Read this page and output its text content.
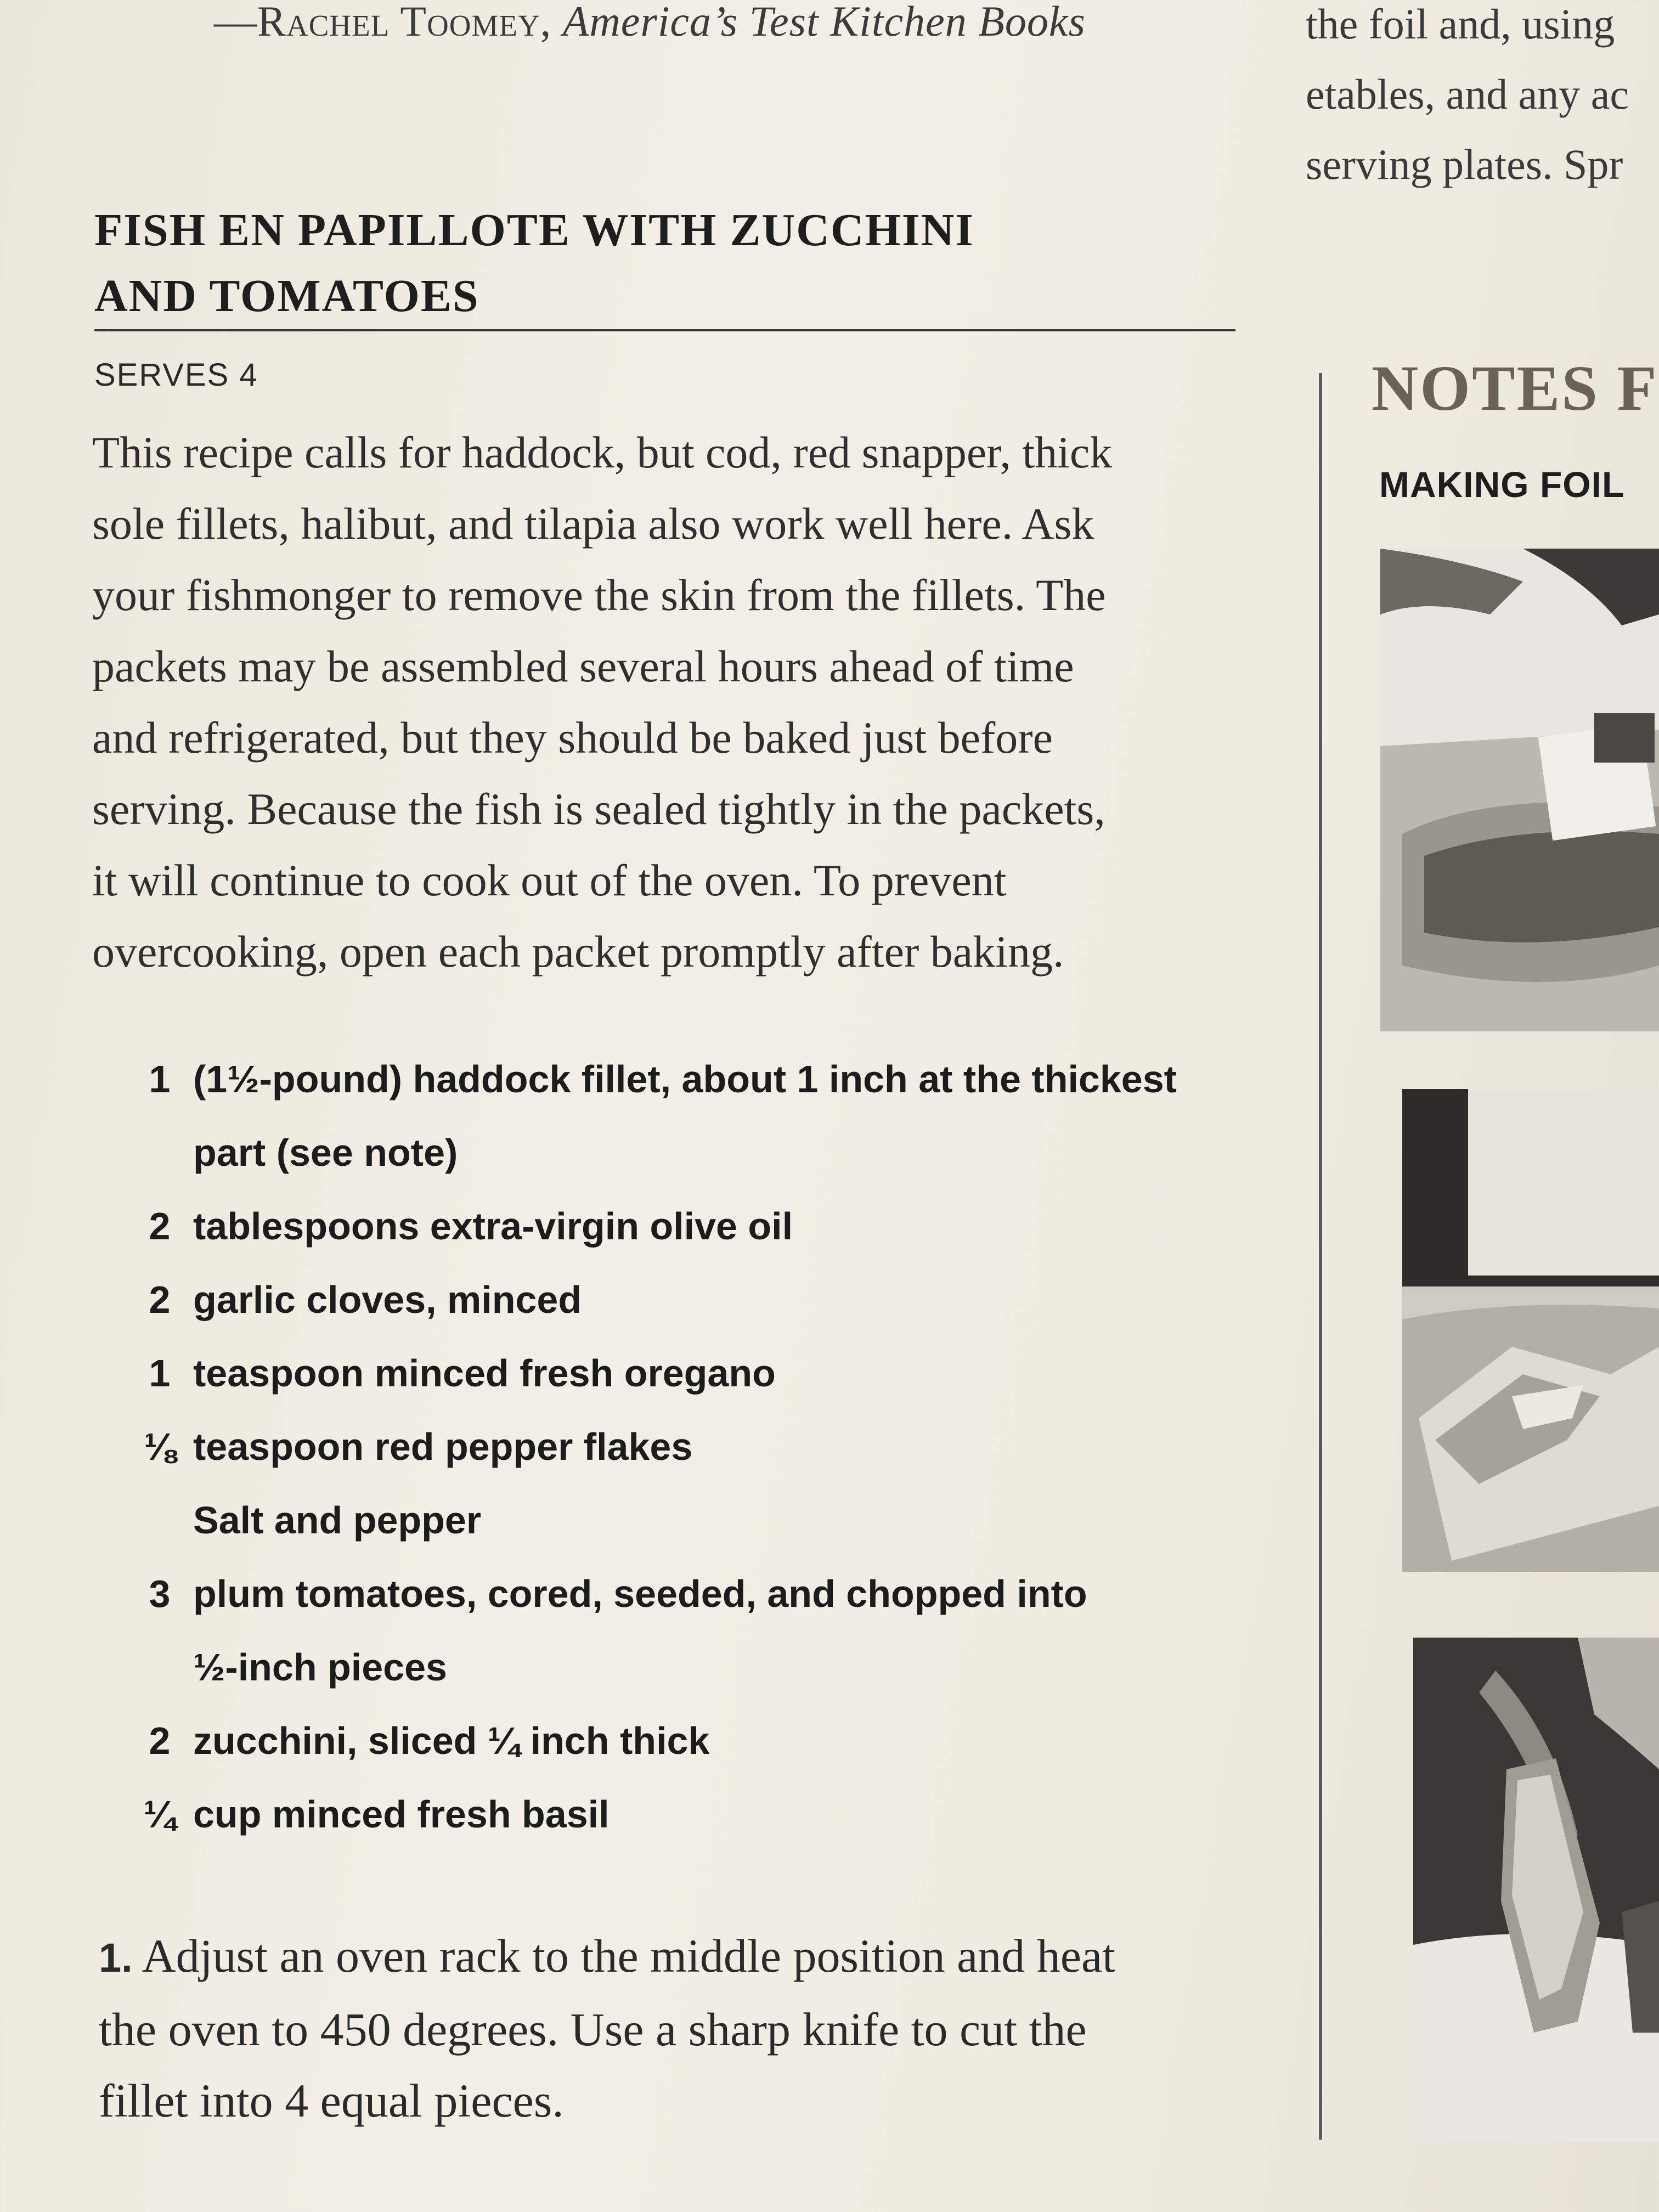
—Rachel Toomey, America’s Test Kitchen Books	the foil and, using
etables, and any ac
serving plates. Spr
FISH EN PAPILLOTE WITH ZUCCHINI
AND TOMATOES
SERVES 4
This recipe calls for haddock, but cod, red snapper, thick
sole fillets, halibut, and tilapia also work well here. Ask
your fishmonger to remove the skin from the fillets. The
packets may be assembled several hours ahead of time
and refrigerated, but they should be baked just before
serving. Because the fish is sealed tightly in the packets,
it will continue to cook out of the oven. To prevent
overcooking, open each packet promptly after baking.
1 (1½-pound) haddock fillet, about 1 inch at the thickest
part (see note)
2 tablespoons extra-virgin olive oil
2 garlic cloves, minced
1 teaspoon minced fresh oregano
⅛ teaspoon red pepper flakes
Salt and pepper
3 plum tomatoes, cored, seeded, and chopped into
½-inch pieces
2 zucchini, sliced ¼ inch thick
¼ cup minced fresh basil
1. Adjust an oven rack to the middle position and heat
the oven to 450 degrees. Use a sharp knife to cut the
fillet into 4 equal pieces.
NOTES F
MAKING FOIL
